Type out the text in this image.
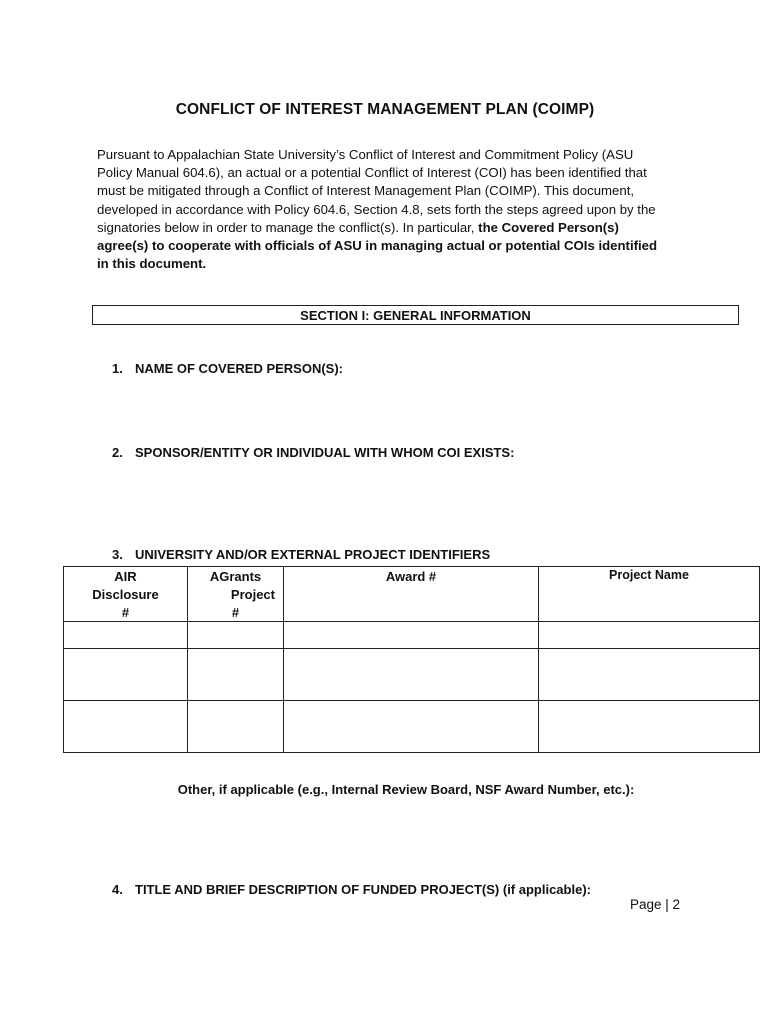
CONFLICT OF INTEREST MANAGEMENT PLAN (COIMP)
Pursuant to Appalachian State University’s Conflict of Interest and Commitment Policy (ASU
Policy Manual 604.6), an actual or a potential Conflict of Interest (COI) has been identified that
must be mitigated through a Conflict of Interest Management Plan (COIMP). This document,
developed in accordance with Policy 604.6, Section 4.8, sets forth the steps agreed upon by the
signatories below in order to manage the conflict(s). In particular, the Covered Person(s)
agree(s) to cooperate with officials of ASU in managing actual or potential COIs identified
in this document.
SECTION I: GENERAL INFORMATION
1. NAME OF COVERED PERSON(S):
2. SPONSOR/ENTITY OR INDIVIDUAL WITH WHOM COI EXISTS:
3. UNIVERSITY AND/OR EXTERNAL PROJECT IDENTIFIERS
AIR
Disclosure
#	AGrants
Project
#	Award #	Project Name

Other, if applicable (e.g., Internal Review Board, NSF Award Number, etc.):
4. TITLE AND BRIEF DESCRIPTION OF FUNDED PROJECT(S) (if applicable):
Page | 2
